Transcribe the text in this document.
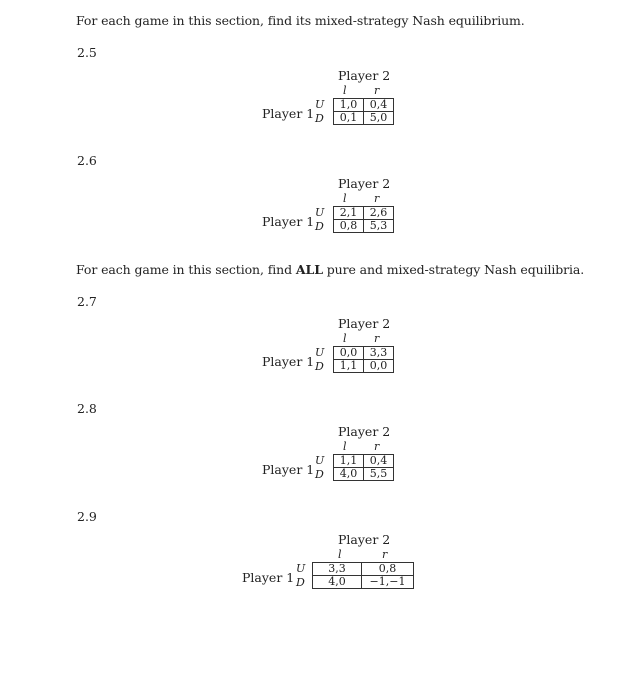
For each game in this section, find its mixed-strategy Nash equilibrium.
2.5
Player 2
l r
Player 1
U
D
1,0	0,4
0,1	5,0
2.6
Player 2
l r
Player 1
U
D
2,1	2,6
0,8	5,3
For each game in this section, find ALL pure and mixed-strategy Nash equilibria.
2.7
Player 2
l r
Player 1
U
D
0,0	3,3
1,1	0,0
2.8
Player 2
l r
Player 1
U
D
1,1	0,4
4,0	5,5
2.9
Player 2
l	r
Player 1
U
D
3,3	0,8
4,0	−1,−1
